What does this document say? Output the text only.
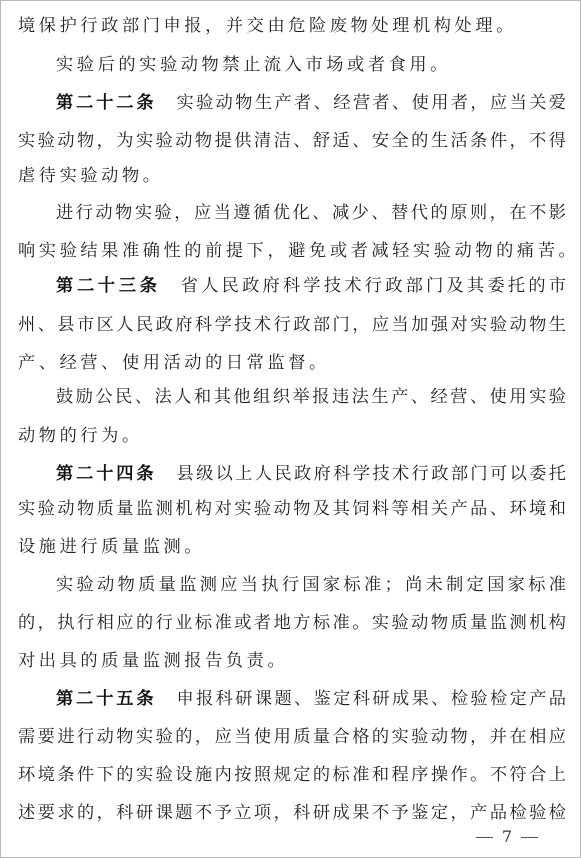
境保护行政部门申报，并交由危险废物处理机构处理。
实验后的实验动物禁止流入市场或者食用。
第二十二条 实验动物生产者、经营者、使用者，应当关爱
实验动物，为实验动物提供清洁、舒适、安全的生活条件，不得
虐待实验动物。
进行动物实验，应当遵循优化、减少、替代的原则，在不影
响实验结果准确性的前提下，避免或者减轻实验动物的痛苦。
第二十三条 省人民政府科学技术行政部门及其委托的市
州、县市区人民政府科学技术行政部门，应当加强对实验动物生
产、经营、使用活动的日常监督。
鼓励公民、法人和其他组织举报违法生产、经营、使用实验
动物的行为。
第二十四条 县级以上人民政府科学技术行政部门可以委托
实验动物质量监测机构对实验动物及其饲料等相关产品、环境和
设施进行质量监测。
实验动物质量监测应当执行国家标准；尚未制定国家标准
的，执行相应的行业标准或者地方标准。实验动物质量监测机构
对出具的质量监测报告负责。
第二十五条 申报科研课题、鉴定科研成果、检验检定产品
需要进行动物实验的，应当使用质量合格的实验动物，并在相应
环境条件下的实验设施内按照规定的标准和程序操作。不符合上
述要求的，科研课题不予立项，科研成果不予鉴定，产品检验检
7
